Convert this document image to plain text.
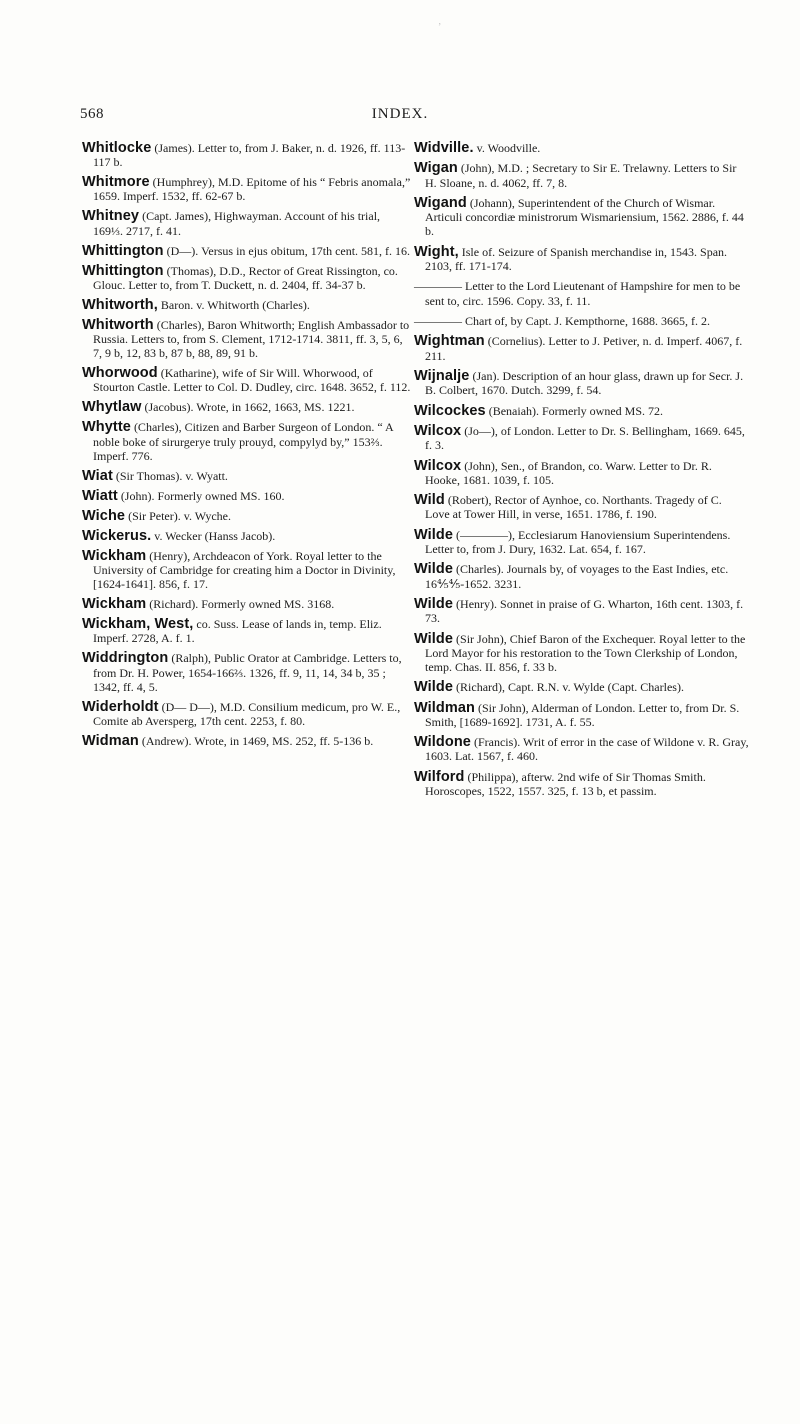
‚
568	INDEX.

Whitlocke (James). Letter to, from J. Baker, n. d. 1926, ff. 113-117 b.

Whitmore (Humphrey), M.D. Epitome of his “ Febris anomala,” 1659. Imperf. 1532, ff. 62-67 b.

Whitney (Capt. James), Highwayman. Account of his trial, 169⅓. 2717, f. 41.

Whittington (D—). Versus in ejus obitum, 17th cent. 581, f. 16.

Whittington (Thomas), D.D., Rector of Great Rissington, co. Glouc. Letter to, from T. Duckett, n. d. 2404, ff. 34-37 b.

Whitworth, Baron. v. Whitworth (Charles).

Whitworth (Charles), Baron Whitworth; English Ambassador to Russia. Letters to, from S. Clement, 1712-1714. 3811, ff. 3, 5, 6, 7, 9 b, 12, 83 b, 87 b, 88, 89, 91 b.

Whorwood (Katharine), wife of Sir Will. Whorwood, of Stourton Castle. Letter to Col. D. Dudley, circ. 1648. 3652, f. 112.

Whytlaw (Jacobus). Wrote, in 1662, 1663, MS. 1221.

Whytte (Charles), Citizen and Barber Surgeon of London. “ A noble boke of sirurgerye truly prouyd, compylyd by,” 153⅔. Imperf. 776.

Wiat (Sir Thomas). v. Wyatt.

Wiatt (John). Formerly owned MS. 160.

Wiche (Sir Peter). v. Wyche.

Wickerus. v. Wecker (Hanss Jacob).

Wickham (Henry), Archdeacon of York. Royal letter to the University of Cambridge for creating him a Doctor in Divinity, [1624-1641]. 856, f. 17.

Wickham (Richard). Formerly owned MS. 3168.

Wickham, West, co. Suss. Lease of lands in, temp. Eliz. Imperf. 2728, A. f. 1.

Widdrington (Ralph), Public Orator at Cambridge. Letters to, from Dr. H. Power, 1654-166⅔. 1326, ff. 9, 11, 14, 34 b, 35 ; 1342, ff. 4, 5.

Widerholdt (D— D—), M.D. Consilium medicum, pro W. E., Comite ab Aversperg, 17th cent. 2253, f. 80.

Widman (Andrew). Wrote, in 1469, MS. 252, ff. 5-136 b.

Widville. v. Woodville.

Wigan (John), M.D. ; Secretary to Sir E. Trelawny. Letters to Sir H. Sloane, n. d. 4062, ff. 7, 8.

Wigand (Johann), Superintendent of the Church of Wismar. Articuli concordiæ ministrorum Wismariensium, 1562. 2886, f. 44 b.

Wight, Isle of. Seizure of Spanish merchandise in, 1543. Span. 2103, ff. 171-174.

———— Letter to the Lord Lieutenant of Hampshire for men to be sent to, circ. 1596. Copy. 33, f. 11.

———— Chart of, by Capt. J. Kempthorne, 1688. 3665, f. 2.

Wightman (Cornelius). Letter to J. Petiver, n. d. Imperf. 4067, f. 211.

Wijnalje (Jan). Description of an hour glass, drawn up for Secr. J. B. Colbert, 1670. Dutch. 3299, f. 54.

Wilcockes (Benaiah). Formerly owned MS. 72.

Wilcox (Jo—), of London. Letter to Dr. S. Bellingham, 1669. 645, f. 3.

Wilcox (John), Sen., of Brandon, co. Warw. Letter to Dr. R. Hooke, 1681. 1039, f. 105.

Wild (Robert), Rector of Aynhoe, co. Northants. Tragedy of C. Love at Tower Hill, in verse, 1651. 1786, f. 190.

Wilde (————), Ecclesiarum Hanoviensium Superintendens. Letter to, from J. Dury, 1632. Lat. 654, f. 167.

Wilde (Charles). Journals by, of voyages to the East Indies, etc. 16⅘⅘-1652. 3231.

Wilde (Henry). Sonnet in praise of G. Wharton, 16th cent. 1303, f. 73.

Wilde (Sir John), Chief Baron of the Exchequer. Royal letter to the Lord Mayor for his restoration to the Town Clerkship of London, temp. Chas. II. 856, f. 33 b.

Wilde (Richard), Capt. R.N. v. Wylde (Capt. Charles).

Wildman (Sir John), Alderman of London. Letter to, from Dr. S. Smith, [1689-1692]. 1731, A. f. 55.

Wildone (Francis). Writ of error in the case of Wildone v. R. Gray, 1603. Lat. 1567, f. 460.

Wilford (Philippa), afterw. 2nd wife of Sir Thomas Smith. Horoscopes, 1522, 1557. 325, f. 13 b, et passim.
